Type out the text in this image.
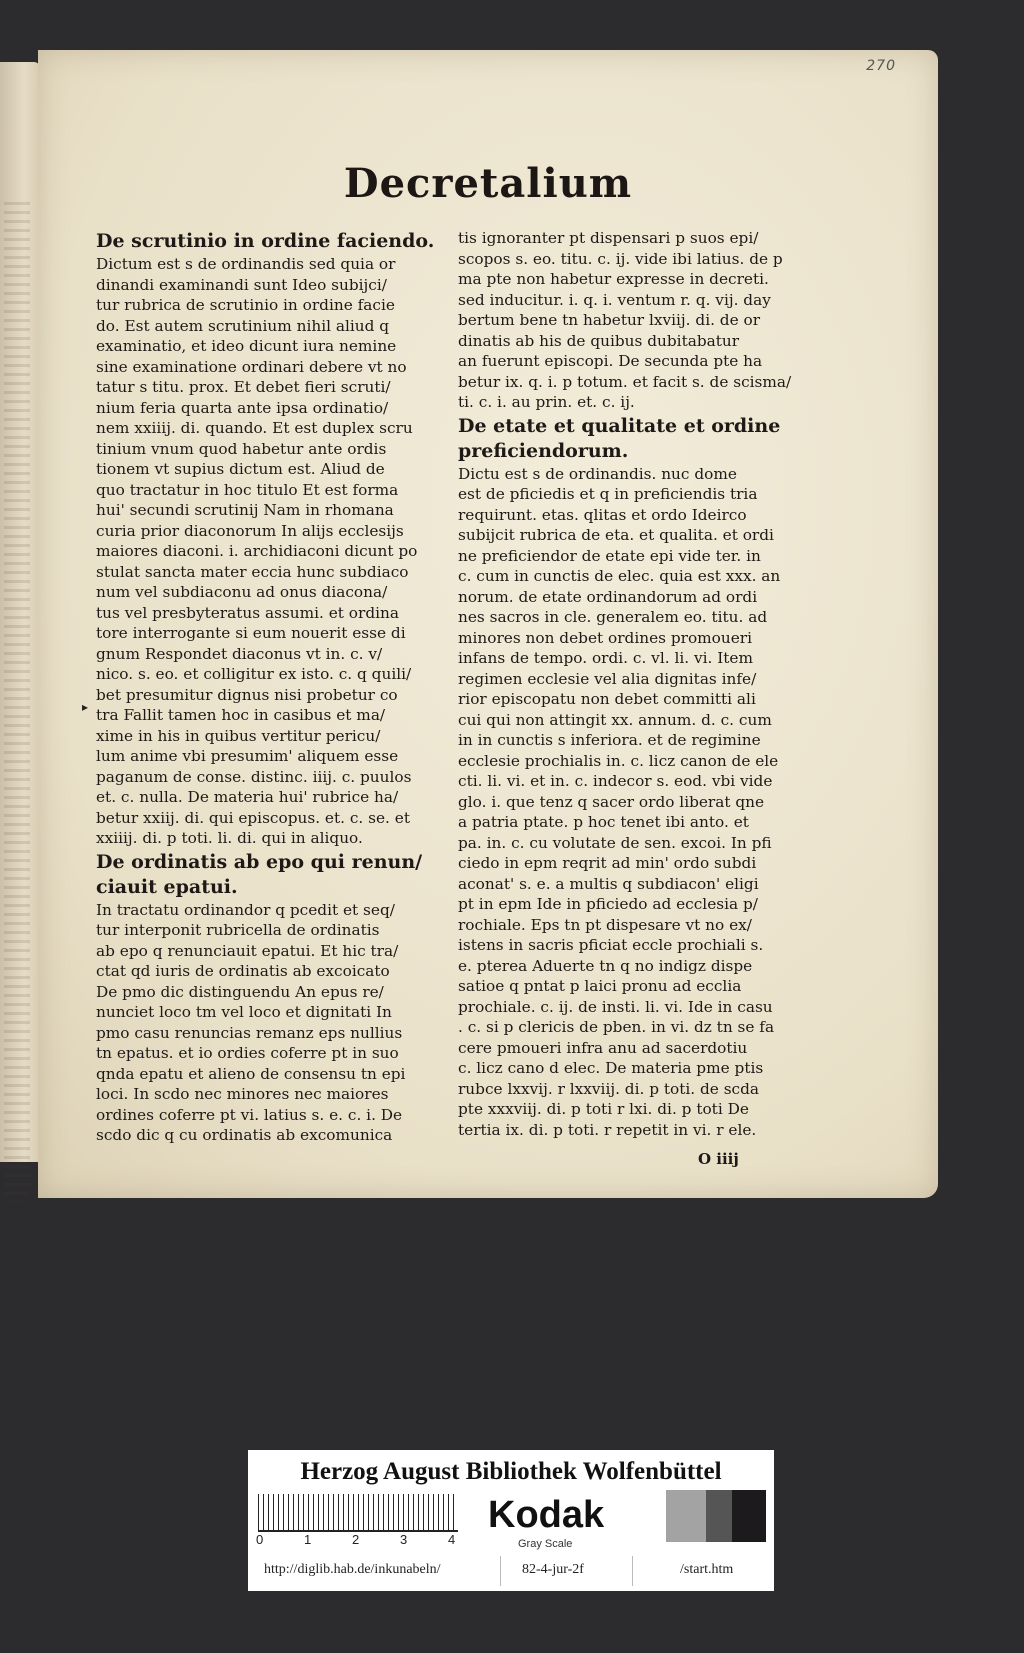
270
Decretalium
De scrutinio in ordine faciendo.
Dictum est s de ordinandis sed quia or
dinandi examinandi sunt Ideo subijci/
tur rubrica de scrutinio in ordine facie
do. Est autem scrutinium nihil aliud q
examinatio, et ideo dicunt iura nemine
sine examinatione ordinari debere vt no
tatur s titu. prox. Et debet fieri scruti/
nium feria quarta ante ipsa ordinatio/
nem xxiiij. di. quando. Et est duplex scru
tinium vnum quod habetur ante ordis
tionem vt supius dictum est. Aliud de
quo tractatur in hoc titulo Et est forma
hui' secundi scrutinij Nam in rhomana
curia prior diaconorum In alijs ecclesijs
maiores diaconi. i. archidiaconi dicunt po
stulat sancta mater eccia hunc subdiaco
num vel subdiaconu ad onus diacona/
tus vel presbyteratus assumi. et ordina
tore interrogante si eum nouerit esse di
gnum Respondet diaconus vt in. c. v/
nico. s. eo. et colligitur ex isto. c. q quili/
bet presumitur dignus nisi probetur co
tra Fallit tamen hoc in casibus et ma/
xime in his in quibus vertitur pericu/
lum anime vbi presumim' aliquem esse
paganum de conse. distinc. iiij. c. puulos
et. c. nulla. De materia hui' rubrice ha/
betur xxiij. di. qui episcopus. et. c. se. et
xxiiij. di. p toti. li. di. qui in aliquo.
De ordinatis ab epo qui renun/
ciauit epatui.
In tractatu ordinandor q pcedit et seq/
tur interponit rubricella de ordinatis
ab epo q renunciauit epatui. Et hic tra/
ctat qd iuris de ordinatis ab excoicato
De pmo dic distinguendu An epus re/
nunciet loco tm vel loco et dignitati In
pmo casu renuncias remanz eps nullius
tn epatus. et io ordies coferre pt in suo
qnda epatu et alieno de consensu tn epi
loci. In scdo nec minores nec maiores
ordines coferre pt vi. latius s. e. c. i. De
scdo dic q cu ordinatis ab excomunica
tis ignoranter pt dispensari p suos epi/
scopos s. eo. titu. c. ij. vide ibi latius. de p
ma pte non habetur expresse in decreti.
sed inducitur. i. q. i. ventum r. q. vij. day
bertum bene tn habetur lxviij. di. de or
dinatis ab his de quibus dubitabatur
an fuerunt episcopi. De secunda pte ha
betur ix. q. i. p totum. et facit s. de scisma/
ti. c. i. au prin. et. c. ij.
De etate et qualitate et ordine
preficiendorum.
Dictu est s de ordinandis. nuc dome
est de pficiedis et q in preficiendis tria
requirunt. etas. qlitas et ordo Ideirco
subijcit rubrica de eta. et qualita. et ordi
ne preficiendor de etate epi vide ter. in
c. cum in cunctis de elec. quia est xxx. an
norum. de etate ordinandorum ad ordi
nes sacros in cle. generalem eo. titu. ad
minores non debet ordines promoueri
infans de tempo. ordi. c. vl. li. vi. Item
regimen ecclesie vel alia dignitas infe/
rior episcopatu non debet committi ali
cui qui non attingit xx. annum. d. c. cum
in in cunctis s inferiora. et de regimine
ecclesie prochialis in. c. licz canon de ele
cti. li. vi. et in. c. indecor s. eod. vbi vide
glo. i. que tenz q sacer ordo liberat qne
a patria ptate. p hoc tenet ibi anto. et
pa. in. c. cu volutate de sen. excoi. In pfi
ciedo in epm reqrit ad min' ordo subdi
aconat' s. e. a multis q subdiacon' eligi
pt in epm Ide in pficiedo ad ecclesia p/
rochiale. Eps tn pt dispesare vt no ex/
istens in sacris pficiat eccle prochiali s.
e. pterea Aduerte tn q no indigz dispe
satioe q pntat p laici pronu ad ecclia
prochiale. c. ij. de insti. li. vi. Ide in casu
. c. si p clericis de pben. in vi. dz tn se fa
cere pmoueri infra anu ad sacerdotiu
c. licz cano d elec. De materia pme ptis
rubce lxxvij. r lxxviij. di. p toti. de scda
pte xxxviij. di. p toti r lxi. di. p toti De
tertia ix. di. p toti. r repetit in vi. r ele.
O iiij
▸
Herzog August Bibliothek Wolfenbüttel
0	1	2	3	4
Kodak
Gray Scale
http://diglib.hab.de/inkunabeln/	82-4-jur-2f	/start.htm
